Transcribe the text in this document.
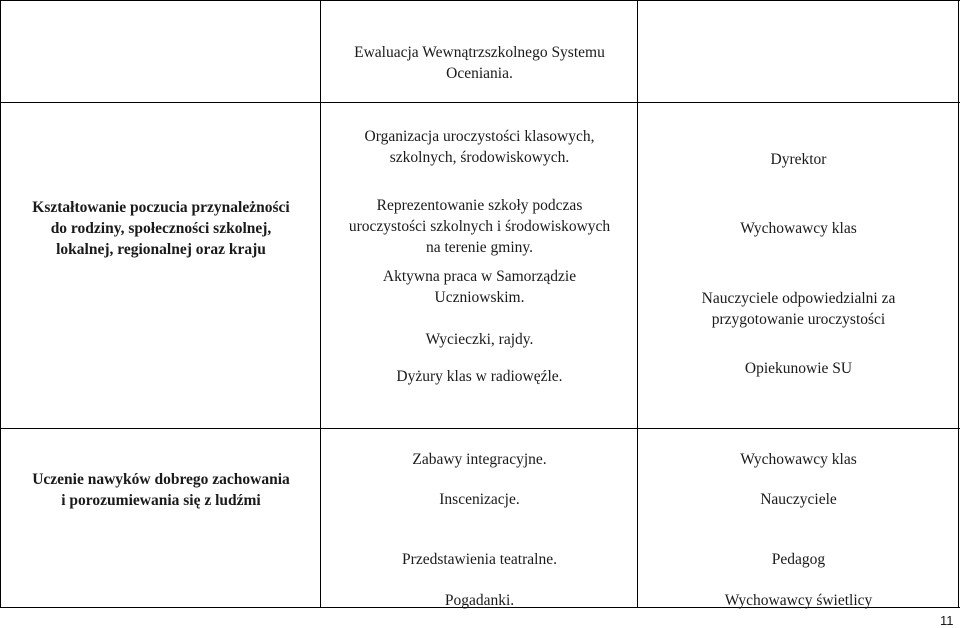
Ewaluacja Wewnątrzszkolnego Systemu
Oceniania.
Kształtowanie poczucia przynależności
do rodziny, społeczności szkolnej,
lokalnej, regionalnej oraz kraju
Organizacja uroczystości klasowych,
szkolnych, środowiskowych.
Reprezentowanie szkoły podczas
uroczystości szkolnych i środowiskowych
na terenie gminy.
Aktywna praca w Samorządzie
Uczniowskim.
Wycieczki, rajdy.
Dyżury klas w radiowęźle.
Dyrektor
Wychowawcy klas
Nauczyciele odpowiedzialni za
przygotowanie uroczystości
Opiekunowie SU
Uczenie nawyków dobrego zachowania
i porozumiewania się z ludźmi
Zabawy integracyjne.
Inscenizacje.
Przedstawienia teatralne.
Pogadanki.
Wychowawcy klas
Nauczyciele
Pedagog
Wychowawcy świetlicy
11
